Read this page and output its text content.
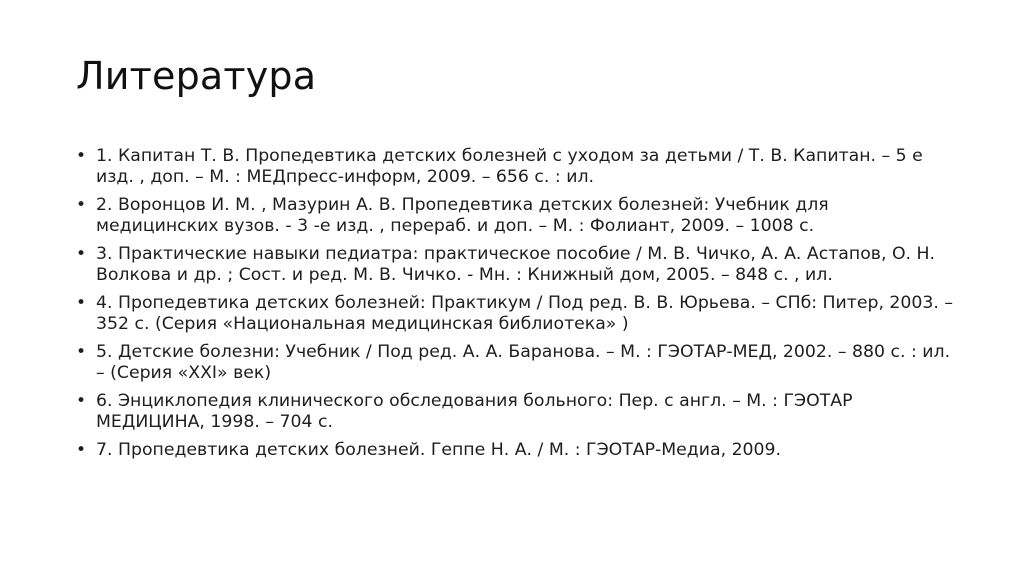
Литература
• 1. Капитан Т. В. Пропедевтика детских болезней с уходом за детьми / Т. В. Капитан. – 5 е изд. , доп. – М. : МЕДпресс-информ, 2009. – 656 с. : ил.
• 2. Воронцов И. М. , Мазурин А. В. Пропедевтика детских болезней: Учебник для медицинских вузов. - 3 -е изд. , перераб. и доп. – М. : Фолиант, 2009. – 1008 с.
• 3. Практические навыки педиатра: практическое пособие / М. В. Чичко, А. А. Астапов, О. Н. Волкова и др. ; Сост. и ред. М. В. Чичко. - Мн. : Книжный дом, 2005. – 848 с. , ил.
• 4. Пропедевтика детских болезней: Практикум / Под ред. В. В. Юрьева. – СПб: Питер, 2003. – 352 с. (Серия «Национальная медицинская библиотека» )
• 5. Детские болезни: Учебник / Под ред. А. А. Баранова. – М. : ГЭОТАР-МЕД, 2002. – 880 с. : ил. – (Серия «XXI» век)
• 6. Энциклопедия клинического обследования больного: Пер. с англ. – М. : ГЭОТАР МЕДИЦИНА, 1998. – 704 с.
• 7. Пропедевтика детских болезней. Геппе Н. А. / М. : ГЭОТАР-Медиа, 2009.
